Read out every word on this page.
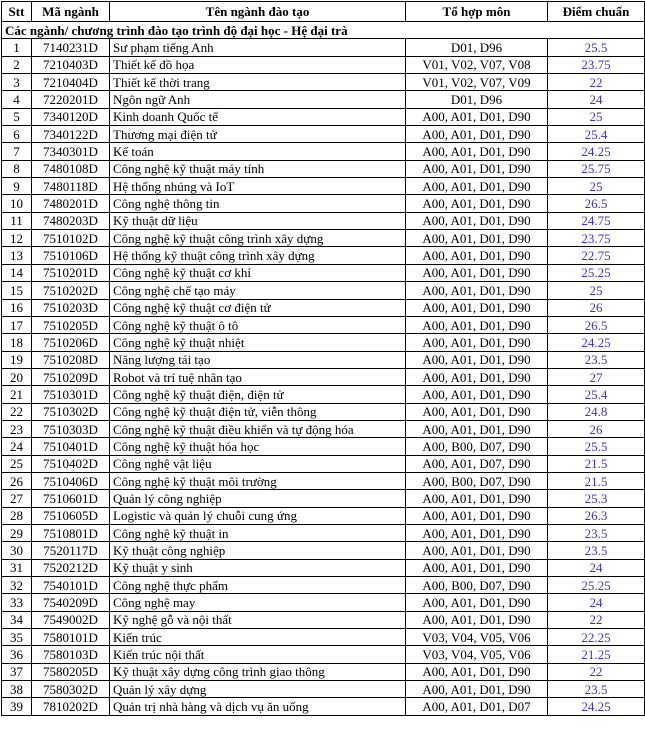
Stt	Mã ngành	Tên ngành đào tạo	Tổ hợp môn	Điểm chuẩn
Các ngành/ chương trình đào tạo trình độ đại học - Hệ đại trà				
1	7140231D	Sư phạm tiếng Anh	D01, D96	25.5
2	7210403D	Thiết kế đồ họa	V01, V02, V07, V08	23.75
3	7210404D	Thiết kế thời trang	V01, V02, V07, V09	22
4	7220201D	Ngôn ngữ Anh	D01, D96	24
5	7340120D	Kinh doanh Quốc tế	A00, A01, D01, D90	25
6	7340122D	Thương mại điện tử	A00, A01, D01, D90	25.4
7	7340301D	Kế toán	A00, A01, D01, D90	24.25
8	7480108D	Công nghệ kỹ thuật máy tính	A00, A01, D01, D90	25.75
9	7480118D	Hệ thống nhúng và IoT	A00, A01, D01, D90	25
10	7480201D	Công nghệ thông tin	A00, A01, D01, D90	26.5
11	7480203D	Kỹ thuật dữ liệu	A00, A01, D01, D90	24.75
12	7510102D	Công nghệ kỹ thuật công trình xây dựng	A00, A01, D01, D90	23.75
13	7510106D	Hệ thống kỹ thuật công trình xây dựng	A00, A01, D01, D90	22.75
14	7510201D	Công nghệ kỹ thuật cơ khí	A00, A01, D01, D90	25.25
15	7510202D	Công nghệ chế tạo máy	A00, A01, D01, D90	25
16	7510203D	Công nghệ kỹ thuật cơ điện tử	A00, A01, D01, D90	26
17	7510205D	Công nghệ kỹ thuật ô tô	A00, A01, D01, D90	26.5
18	7510206D	Công nghệ kỹ thuật nhiệt	A00, A01, D01, D90	24.25
19	7510208D	Năng lượng tái tạo	A00, A01, D01, D90	23.5
20	7510209D	Robot và trí tuệ nhân tạo	A00, A01, D01, D90	27
21	7510301D	Công nghệ kỹ thuật điện, điện tử	A00, A01, D01, D90	25.4
22	7510302D	Công nghệ kỹ thuật điện tử, viễn thông	A00, A01, D01, D90	24.8
23	7510303D	Công nghệ kỹ thuật điều khiển và tự động hóa	A00, A01, D01, D90	26
24	7510401D	Công nghệ kỹ thuật hóa học	A00, B00, D07, D90	25.5
25	7510402D	Công nghệ vật liệu	A00, A01, D07, D90	21.5
26	7510406D	Công nghệ kỹ thuật môi trường	A00, B00, D07, D90	21.5
27	7510601D	Quản lý công nghiệp	A00, A01, D01, D90	25.3
28	7510605D	Logistic và quản lý chuỗi cung ứng	A00, A01, D01, D90	26.3
29	7510801D	Công nghệ kỹ thuật in	A00, A01, D01, D90	23.5
30	7520117D	Kỹ thuật công nghiệp	A00, A01, D01, D90	23.5
31	7520212D	Kỹ thuật y sinh	A00, A01, D01, D90	24
32	7540101D	Công nghệ thực phẩm	A00, B00, D07, D90	25.25
33	7540209D	Công nghệ may	A00, A01, D01, D90	24
34	7549002D	Kỹ nghệ gỗ và nội thất	A00, A01, D01, D90	22
35	7580101D	Kiến trúc	V03, V04, V05, V06	22.25
36	7580103D	Kiến trúc nội thất	V03, V04, V05, V06	21.25
37	7580205D	Kỹ thuật xây dựng công trình giao thông	A00, A01, D01, D90	22
38	7580302D	Quản lý xây dựng	A00, A01, D01, D90	23.5
39	7810202D	Quản trị nhà hàng và dịch vụ ăn uống	A00, A01, D01, D07	24.25
